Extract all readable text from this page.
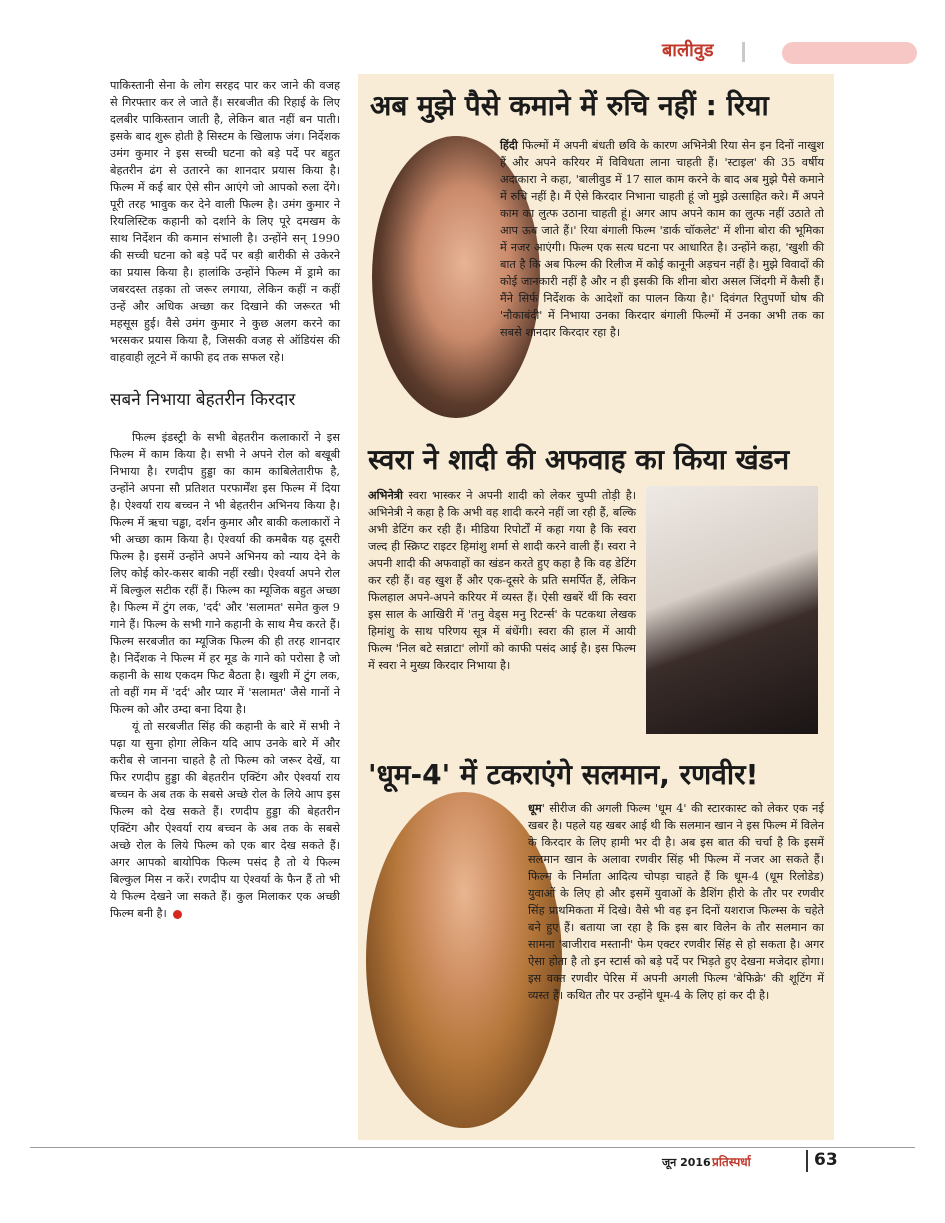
बालीवुड

पाकिस्तानी सेना के लोग सरहद पार कर जाने की वजह से गिरफ्तार कर ले जाते हैं। सरबजीत की रिहाई के लिए दलबीर पाकिस्तान जाती है, लेकिन बात नहीं बन पाती। इसके बाद शुरू होती है सिस्टम के खिलाफ जंग। निर्देशक उमंग कुमार ने इस सच्ची घटना को बड़े पर्दे पर बहुत बेहतरीन ढंग से उतारने का शानदार प्रयास किया है। फिल्म में कई बार ऐसे सीन आएंगे जो आपको रुला देंगे। पूरी तरह भावुक कर देने वाली फिल्म है। उमंग कुमार ने रियलिस्टिक कहानी को दर्शाने के लिए पूरे दमखम के साथ निर्देशन की कमान संभाली है। उन्होंने सन् 1990 की सच्ची घटना को बड़े पर्दे पर बड़ी बारीकी से उकेरने का प्रयास किया है। हालांकि उन्होंने फिल्म में ड्रामे का जबरदस्त तड़का तो जरूर लगाया, लेकिन कहीं न कहीं उन्हें और अधिक अच्छा कर दिखाने की जरूरत भी महसूस हुई। वैसे उमंग कुमार ने कुछ अलग करने का भरसकर प्रयास किया है, जिसकी वजह से ऑडियंस की वाहवाही लूटने में काफी हद तक सफल रहे।

सबने निभाया बेहतरीन किरदार

फिल्म इंडस्ट्री के सभी बेहतरीन कलाकारों ने इस फिल्म में काम किया है। सभी ने अपने रोल को बखूबी निभाया है। रणदीप हुड्डा का काम काबिलेतारीफ है, उन्होंने अपना सौ प्रतिशत परफार्मेंश इस फिल्म में दिया है। ऐश्वर्या राय बच्चन ने भी बेहतरीन अभिनय किया है। फिल्म में ऋचा चड्ढा, दर्शन कुमार और बाकी कलाकारों ने भी अच्छा काम किया है। ऐश्वर्या की कमबैक यह दूसरी फिल्म है। इसमें उन्होंने अपने अभिनय को न्याय देने के लिए कोई कोर-कसर बाकी नहीं रखी। ऐश्वर्या अपने रोल में बिल्कुल सटीक रहीं हैं। फिल्म का म्यूजिक बहुत अच्छा है। फिल्म में टुंग लक, 'दर्द' और 'सलामत' समेत कुल 9 गाने हैं। फिल्म के सभी गाने कहानी के साथ मैच करते हैं। फिल्म सरबजीत का म्यूजिक फिल्म की ही तरह शानदार है। निर्देशक ने फिल्म में हर मूड के गाने को परोसा है जो कहानी के साथ एकदम फिट बैठता है। खुशी में टुंग लक, तो वहीं गम में 'दर्द' और प्यार में 'सलामत' जैसे गानों ने फिल्म को और उम्दा बना दिया है।

यूं तो सरबजीत सिंह की कहानी के बारे में सभी ने पढ़ा या सुना होगा लेकिन यदि आप उनके बारे में और करीब से जानना चाहते है तो फिल्म को जरूर देखें, या फिर रणदीप हुड्डा की बेहतरीन एक्टिंग और ऐश्वर्या राय बच्चन के अब तक के सबसे अच्छे रोल के लिये आप इस फिल्म को देख सकते हैं। रणदीप हुड्डा की बेहतरीन एक्टिंग और ऐश्वर्या राय बच्चन के अब तक के सबसे अच्छे रोल के लिये फिल्म को एक बार देख सकते हैं। अगर आपको बायोपिक फिल्म पसंद है तो ये फिल्म बिल्कुल मिस न करें। रणदीप या ऐश्वर्या के फैन हैं तो भी ये फिल्म देखने जा सकते हैं। कुल मिलाकर एक अच्छी फिल्म बनी है।

अब मुझे पैसे कमाने में रुचि नहीं : रिया
हिंदी फिल्मों में अपनी बंधती छवि के कारण अभिनेत्री रिया सेन इन दिनों नाखुश हैं और अपने करियर में विविधता लाना चाहती हैं। 'स्टाइल' की 35 वर्षीय अदाकारा ने कहा, 'बालीवुड में 17 साल काम करने के बाद अब मुझे पैसे कमाने में रुचि नहीं है। मैं ऐसे किरदार निभाना चाहती हूं जो मुझे उत्साहित करे। मैं अपने काम का लुत्फ उठाना चाहती हूं। अगर आप अपने काम का लुत्फ नहीं उठाते तो आप ऊब जाते हैं।' रिया बंगाली फिल्म 'डार्क चॉकलेट' में शीना बोरा की भूमिका में नजर आएंगी। फिल्म एक सत्य घटना पर आधारित है। उन्होंने कहा, 'खुशी की बात है कि अब फिल्म की रिलीज में कोई कानूनी अड़चन नहीं है। मुझे विवादों की कोई जानकारी नहीं है और न ही इसकी कि शीना बोरा असल जिंदगी में कैसी हैं। मैंने सिर्फ निर्देशक के आदेशों का पालन किया है।' दिवंगत रितुपर्णो घोष की 'नौकाबंदी' में निभाया उनका किरदार बंगाली फिल्मों में उनका अभी तक का सबसे शानदार किरदार रहा है।
स्वरा ने शादी की अफवाह का किया खंडन
अभिनेत्री स्वरा भास्कर ने अपनी शादी को लेकर चुप्पी तोड़ी है। अभिनेत्री ने कहा है कि अभी वह शादी करने नहीं जा रही हैं, बल्कि अभी डेटिंग कर रही हैं। मीडिया रिपोर्टों में कहा गया है कि स्वरा जल्द ही स्क्रिप्ट राइटर हिमांशु शर्मा से शादी करने वाली हैं। स्वरा ने अपनी शादी की अफवाहों का खंडन करते हुए कहा है कि वह डेटिंग कर रही हैं। वह खुश हैं और एक-दूसरे के प्रति समर्पित हैं, लेकिन फिलहाल अपने-अपने करियर में व्यस्त हैं। ऐसी खबरें थीं कि स्वरा इस साल के आखिरी में 'तनु वेड्स मनु रिटर्न्स' के पटकथा लेखक हिमांशु के साथ परिणय सूत्र में बंधेंगी। स्वरा की हाल में आयी फिल्म 'निल बटे सन्नाटा' लोगों को काफी पसंद आई है। इस फिल्म में स्वरा ने मुख्य किरदार निभाया है।
'धूम-4' में टकराएंगे सलमान, रणवीर!
धूम' सीरीज की अगली फिल्म 'धूम 4' की स्टारकास्ट को लेकर एक नई खबर है। पहले यह खबर आई थी कि सलमान खान ने इस फिल्म में विलेन के किरदार के लिए हामी भर दी है। अब इस बात की चर्चा है कि इसमें सलमान खान के अलावा रणवीर सिंह भी फिल्म में नजर आ सकते हैं। फिल्म के निर्माता आदित्य चोपड़ा चाहते हैं कि धूम-4 (धूम रिलोडेड) युवाओं के लिए हो और इसमें युवाओं के डैशिंग हीरो के तौर पर रणवीर सिंह प्राथमिकता में दिखे। वैसे भी वह इन दिनों यशराज फिल्म्स के चहेते बने हुए हैं। बताया जा रहा है कि इस बार विलेन के तौर सलमान का सामना 'बाजीराव मस्तानी' फेम एक्टर रणवीर सिंह से हो सकता है। अगर ऐसा होता है तो इन स्टार्स को बड़े पर्दे पर भिड़ते हुए देखना मजेदार होगा। इस वक्त रणवीर पेरिस में अपनी अगली फिल्म 'बेफिक्रे' की शूटिंग में व्यस्त हैं। कथित तौर पर उन्होंने धूम-4 के लिए हां कर दी है।
जून 2016 प्रतिस्पर्धा	63
